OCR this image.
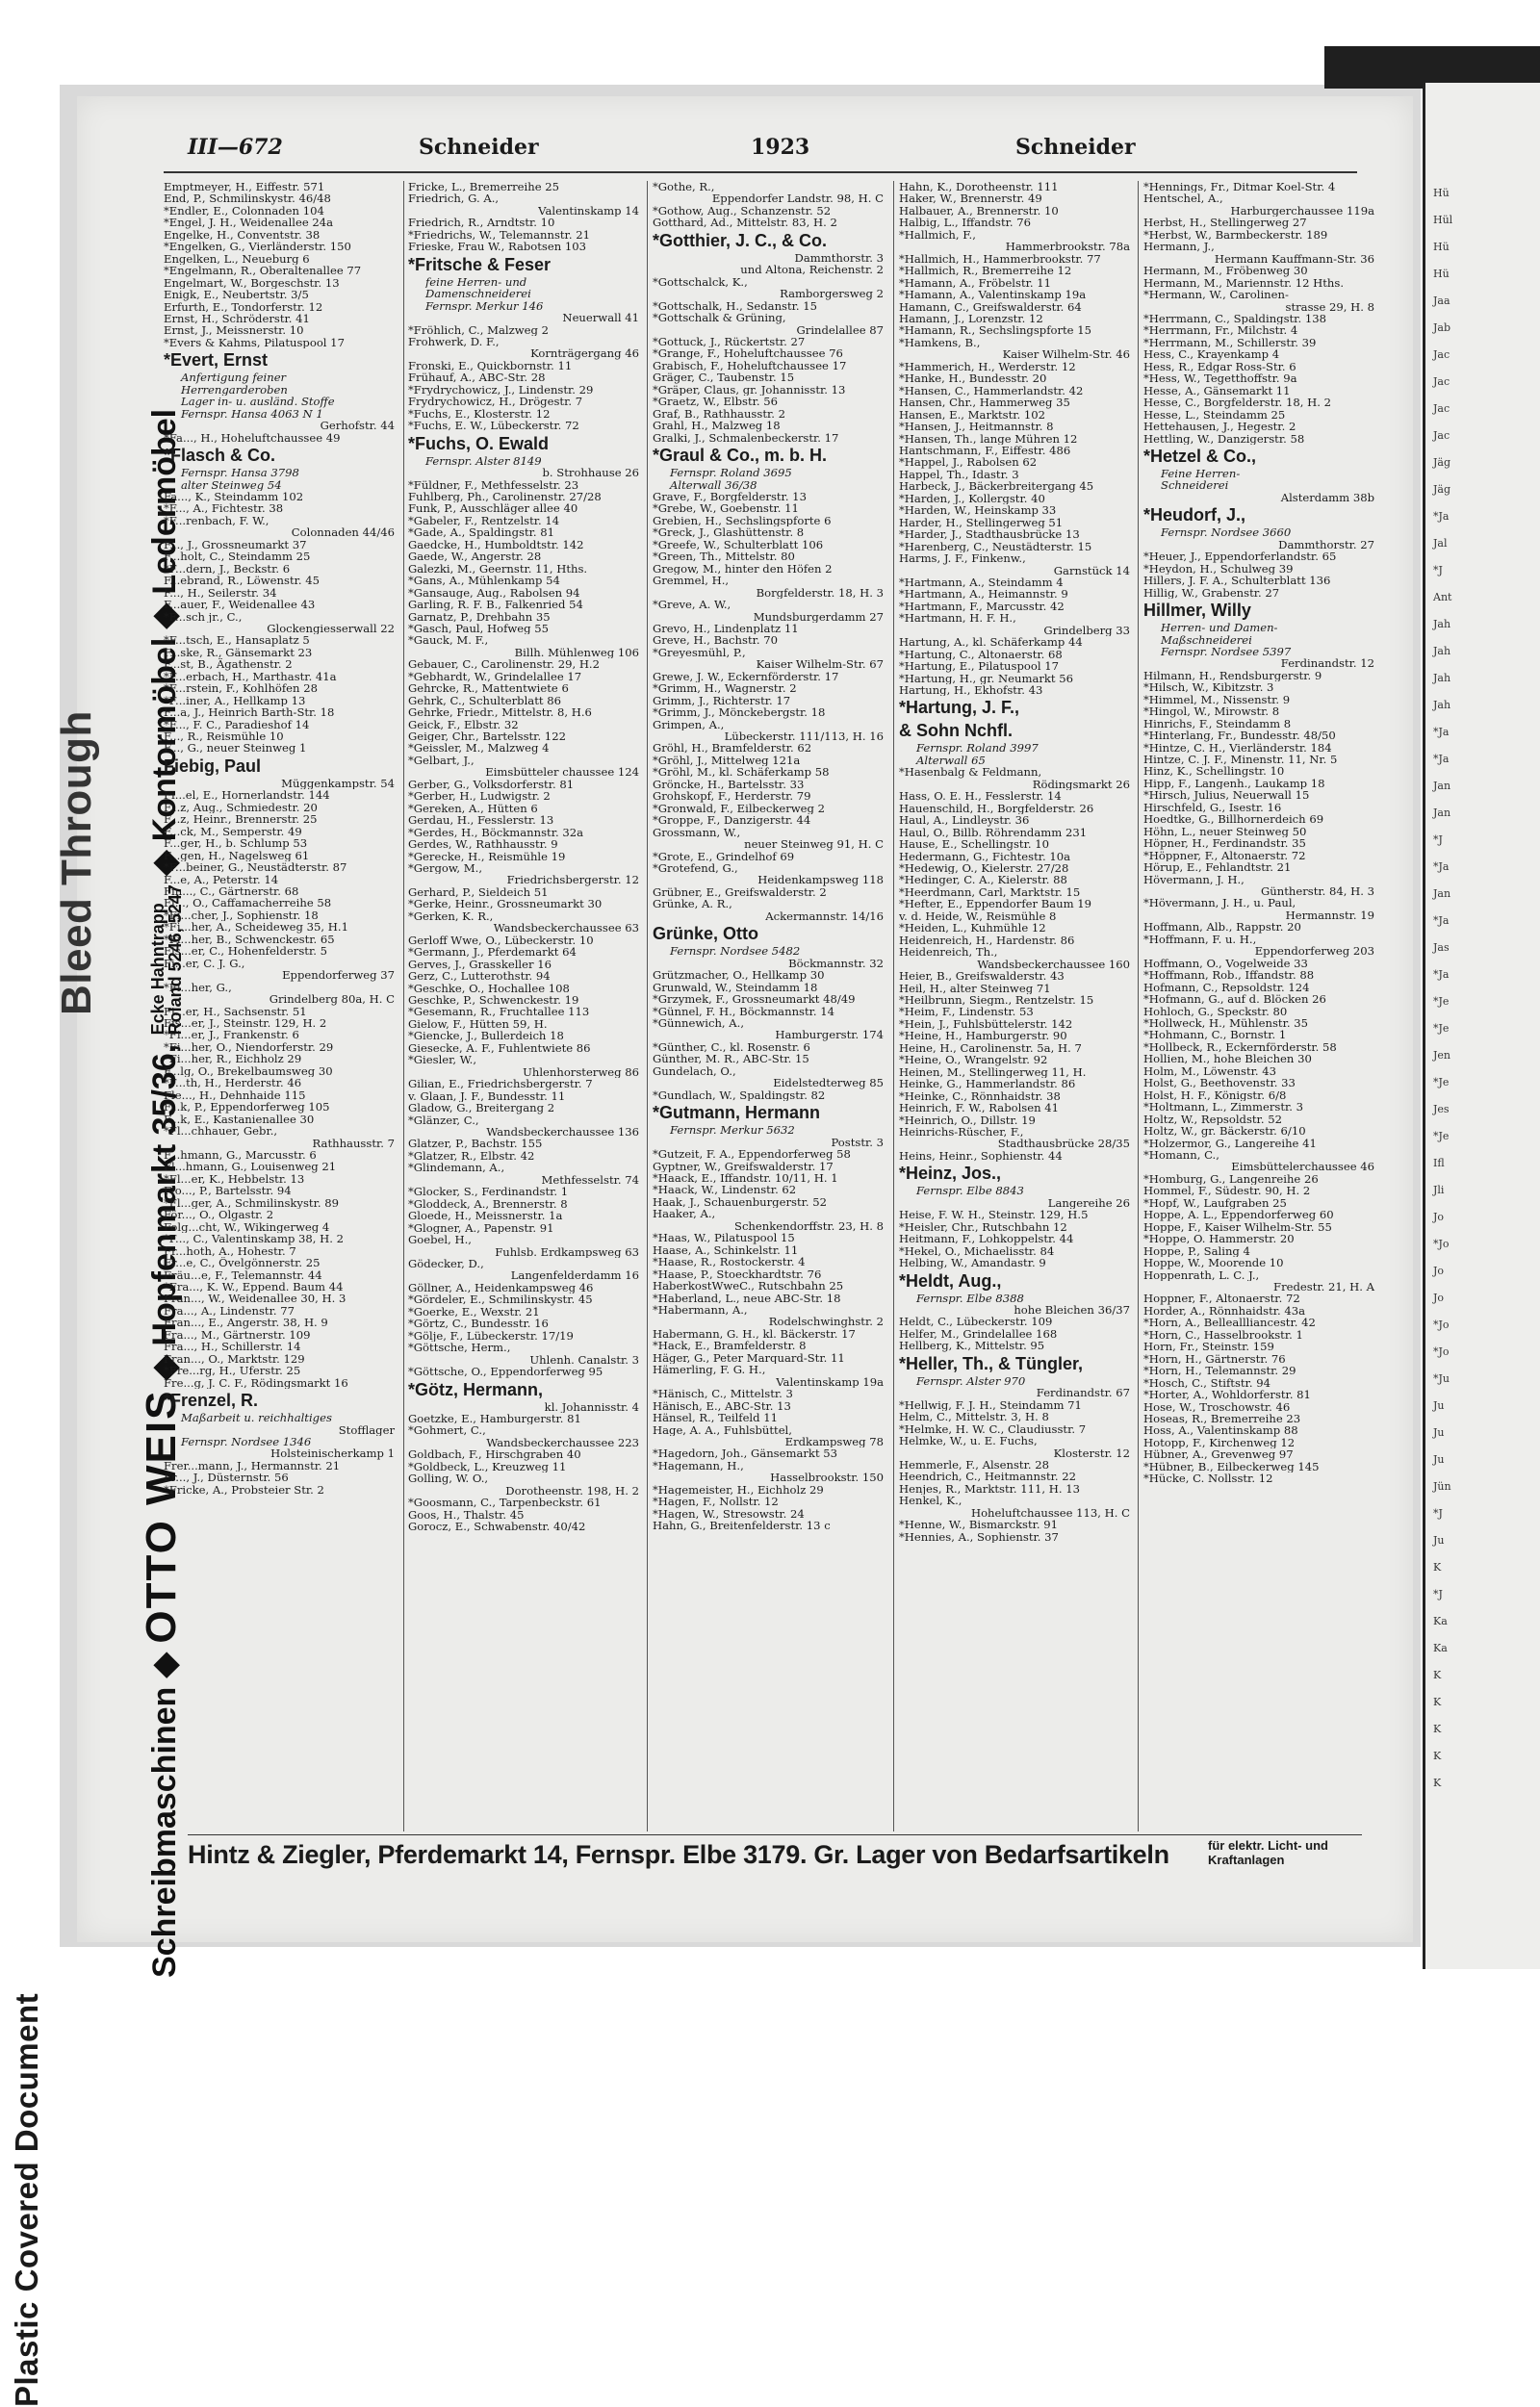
Hü
Hül
Hü
Hü
Jaa
Jab
Jac
Jac
Jac
Jac
Jäg
Jäg
*Ja
Jal
*J
Ant
Jah
Jah
Jah
Jah
*Ja
*Ja
Jan
Jan
*J
*Ja
Jan
*Ja
Jas
*Ja
*Je
*Je
Jen
*Je
Jes
*Je
Ifl
Jli
Jo
*Jo
Jo
Jo
*Jo
*Jo
*Ju
Ju
Ju
Ju
Jün
*J
Ju
K
*J
Ka
Ka
K
K
K
K
K
Plastic Covered Document
Bleed Through
Schreibmaschinen ◆ OTTO WEIS ◆ Hopfenmarkt 35/36, Ecke Hahntrapp
Roland 5246, 5247 ◆ Kontormöbel ◆ Ledermöbel
III—672	Schneider	1923	Schneider
Emptmeyer, H., Eiffestr. 571
End, P., Schmilinskystr. 46/48
*Endler, E., Colonnaden 104
*Engel, J. H., Weidenallee 24a
Engelke, H., Conventstr. 38
*Engelken, G., Vierländerstr. 150
Engelken, L., Neueburg 6
*Engelmann, R., Oberaltenallee 77
Engelmart, W., Borgeschstr. 13
Enigk, E., Neubertstr. 3/5
Erfurth, E., Tondorferstr. 12
Ernst, H., Schröderstr. 41
Ernst, J., Meissnerstr. 10
*Evers & Kahms, Pilatuspool 17
*Evert, Ernst
Anfertigung feiner
Herrengarderoben
Lager in- u. ausländ. Stoffe
Fernspr. Hansa 4063 N 1
Gerhofstr. 44
*Fa..., H., Hoheluftchaussee 49
*Flasch & Co.
Fernspr. Hansa 3798
alter Steinweg 54
Fa..., K., Steindamm 102
*F..., A., Fichtestr. 38
*F...renbach, F. W.,
Colonnaden 44/46
F..., J., Grossneumarkt 37
F...holt, C., Steindamm 25
*F...dern, J., Beckstr. 6
F...ebrand, R., Löwenstr. 45
F..., H., Seilerstr. 34
F...auer, F., Weidenallee 43
*F...sch jr., C.,
Glockengiesserwall 22
*F...tsch, E., Hansaplatz 5
F...ske, R., Gänsemarkt 23
F...st, B., Ägathenstr. 2
*F...erbach, H., Marthastr. 41a
*F...rstein, F., Kohlhöfen 28
*F...iner, A., Hellkamp 13
F...a, J., Heinrich Barth-Str. 18
*F..., F. C., Paradieshof 14
F..., R., Reismühle 10
F..., G., neuer Steinweg 1
Fiebig, Paul
Müggenkampstr. 54
Fi...el, E., Hornerlandstr. 144
F...z, Aug., Schmiedestr. 20
F...z, Heinr., Brennerstr. 25
F...ck, M., Semperstr. 49
F...ger, H., b. Schlump 53
F...gen, H., Nagelsweg 61
*F...beiner, G., Neustädterstr. 87
F...e, A., Peterstr. 14
Fin..., C., Gärtnerstr. 68
Fi..., O., Caffamacherreihe 58
*Fi...cher, J., Sophienstr. 18
*Fi...her, A., Scheideweg 35, H.1
*Fi...her, B., Schwenckestr. 65
Fis...er, C., Hohenfelderstr. 5
Fi...er, C. J. G.,
Eppendorferweg 37
*Fi...her, G.,
Grindelberg 80a, H. C
Fi...er, H., Sachsenstr. 51
Fis...er, J., Steinstr. 129, H. 2
*Fi...er, J., Frankenstr. 6
*Fi...her, O., Niendorferstr. 29
*Fi...her, R., Eichholz 29
F...lg, O., Brekelbaumsweg 30
*F...th, H., Herderstr. 46
Fle..., H., Dehnhaide 115
F...k, P., Eppendorferweg 105
F...k, E., Kastanienallee 30
*Fl...chhauer, Gebr.,
Rathhausstr. 7
F...hmann, G., Marcusstr. 6
Fl...hmann, G., Louisenweg 21
*Fl...er, K., Hebbelstr. 13
Flo..., P., Bartelsstr. 94
*Fl...ger, A., Schmilinskystr. 89
För..., O., Olgastr. 2
Folg...cht, W., Wikingerweg 4
*F..., C., Valentinskamp 38, H. 2
Fr...hoth, A., Hohestr. 7
Fr...e, C., Övelgönnerstr. 25
Fräu...e, F., Telemannstr. 44
*Fra..., K. W., Eppend. Baum 44
Fran..., W., Weidenallee 30, H. 3
Fra..., A., Lindenstr. 77
Fran..., E., Angerstr. 38, H. 9
Fra..., M., Gärtnerstr. 109
Fra..., H., Schillerstr. 14
Fran..., O., Marktstr. 129
*Fre...rg, H., Uferstr. 25
Fre...g, J. C. F., Rödingsmarkt 16
*Frenzel, R.
Maßarbeit u. reichhaltiges
Stofflager
Fernspr. Nordsee 1346
Holsteinischerkamp 1
Frer...mann, J., Hermannstr. 21
Fr..., J., Düsternstr. 56
*Fricke, A., Probsteier Str. 2
Fricke, L., Bremerreihe 25
Friedrich, G. A.,
Valentinskamp 14
Friedrich, R., Arndtstr. 10
*Friedrichs, W., Telemannstr. 21
Frieske, Frau W., Rabotsen 103
*Fritsche & Feser
feine Herren- und
Damenschneiderei
Fernspr. Merkur 146
Neuerwall 41
*Fröhlich, C., Malzweg 2
Frohwerk, D. F.,
Kornträgergang 46
Fronski, E., Quickbornstr. 11
Frühauf, A., ABC-Str. 28
*Frydrychowicz, J., Lindenstr. 29
Frydrychowicz, H., Drögestr. 7
*Fuchs, E., Klosterstr. 12
*Fuchs, E. W., Lübeckerstr. 72
*Fuchs, O. Ewald
Fernspr. Alster 8149
b. Strohhause 26
*Füldner, F., Methfesselstr. 23
Fuhlberg, Ph., Carolinenstr. 27/28
Funk, P., Ausschläger allee 40
*Gabeler, F., Rentzelstr. 14
*Gade, A., Spaldingstr. 81
Gaedcke, H., Humboldtstr. 142
Gaede, W., Angerstr. 28
Galezki, M., Geernstr. 11, Hths.
*Gans, A., Mühlenkamp 54
*Gansauge, Aug., Rabolsen 94
Garling, R. F. B., Falkenried 54
Garnatz, P., Drehbahn 35
*Gasch, Paul, Hofweg 55
*Gauck, M. F.,
Billh. Mühlenweg 106
Gebauer, C., Carolinenstr. 29, H.2
*Gebhardt, W., Grindelallee 17
Gehrcke, R., Mattentwiete 6
Gehrk, C., Schulterblatt 86
Gehrke, Friedr., Mittelstr. 8, H.6
Geick, F., Elbstr. 32
Geiger, Chr., Bartelsstr. 122
*Geissler, M., Malzweg 4
*Gelbart, J.,
Eimsbütteler chaussee 124
Gerber, G., Volksdorferstr. 81
*Gerber, H., Ludwigstr. 2
*Gereken, A., Hütten 6
Gerdau, H., Fesslerstr. 13
*Gerdes, H., Böckmannstr. 32a
Gerdes, W., Rathhausstr. 9
*Gerecke, H., Reismühle 19
*Gergow, M.,
Friedrichsbergerstr. 12
Gerhard, P., Sieldeich 51
*Gerke, Heinr., Grossneumarkt 30
*Gerken, K. R.,
Wandsbeckerchaussee 63
Gerloff Wwe, O., Lübeckerstr. 10
*Germann, J., Pferdemarkt 64
Gerves, J., Grasskeller 16
Gerz, C., Lutterothstr. 94
*Geschke, O., Hochallee 108
Geschke, P., Schwenckestr. 19
*Gesemann, R., Fruchtallee 113
Gielow, F., Hütten 59, H.
*Giencke, J., Bullerdeich 18
Giesecke, A. F., Fuhlentwiete 86
*Giesler, W.,
Uhlenhorsterweg 86
Gilian, E., Friedrichsbergerstr. 7
v. Glaan, J. F., Bundesstr. 11
Gladow, G., Breitergang 2
*Glänzer, C.,
Wandsbeckerchaussee 136
Glatzer, P., Bachstr. 155
*Glatzer, R., Elbstr. 42
*Glindemann, A.,
Methfesselstr. 74
*Glocker, S., Ferdinandstr. 1
*Gloddeck, A., Brennerstr. 8
Gloede, H., Meissnerstr. 1a
*Glogner, A., Papenstr. 91
Goebel, H.,
Fuhlsb. Erdkampsweg 63
Gödecker, D.,
Langenfelderdamm 16
Göllner, A., Heidenkampsweg 46
*Gördeler, E., Schmilinskystr. 45
*Goerke, E., Wexstr. 21
*Görtz, C., Bundesstr. 16
*Gölje, F., Lübeckerstr. 17/19
*Göttsche, Herm.,
Uhlenh. Canalstr. 3
*Göttsche, O., Eppendorferweg 95
*Götz, Hermann,
kl. Johannisstr. 4
Goetzke, E., Hamburgerstr. 81
*Gohmert, C.,
Wandsbeckerchaussee 223
Goldbach, F., Hirschgraben 40
*Goldbeck, L., Kreuzweg 11
Golling, W. O.,
Dorotheenstr. 198, H. 2
*Goosmann, C., Tarpenbeckstr. 61
Goos, H., Thalstr. 45
Gorocz, E., Schwabenstr. 40/42
*Gothe, R.,
Eppendorfer Landstr. 98, H. C
*Gothow, Aug., Schanzenstr. 52
Gotthard, Ad., Mittelstr. 83, H. 2
*Gotthier, J. C., & Co.
Dammthorstr. 3
und Altona, Reichenstr. 2
*Gottschalck, K.,
Ramborgersweg 2
*Gottschalk, H., Sedanstr. 15
*Gottschalk & Grüning,
Grindelallee 87
*Gottuck, J., Rückertstr. 27
*Grange, F., Hoheluftchaussee 76
Grabisch, F., Hoheluftchaussee 17
Gräger, C., Taubenstr. 15
*Gräper, Claus, gr. Johannisstr. 13
*Graetz, W., Elbstr. 56
Graf, B., Rathhausstr. 2
Grahl, H., Malzweg 18
Gralki, J., Schmalenbeckerstr. 17
*Graul & Co., m. b. H.
Fernspr. Roland 3695
Alterwall 36/38
Grave, F., Borgfelderstr. 13
*Grebe, W., Goebenstr. 11
Grebien, H., Sechslingspforte 6
*Greck, J., Glashüttenstr. 8
*Greefe, W., Schulterblatt 106
*Green, Th., Mittelstr. 80
Gregow, M., hinter den Höfen 2
Gremmel, H.,
Borgfelderstr. 18, H. 3
*Greve, A. W.,
Mundsburgerdamm 27
Grevo, H., Lindenplatz 11
Greve, H., Bachstr. 70
*Greyesmühl, P.,
Kaiser Wilhelm-Str. 67
Grewe, J. W., Eckernförderstr. 17
*Grimm, H., Wagnerstr. 2
Grimm, J., Richterstr. 17
*Grimm, J., Mönckebergstr. 18
Grimpen, A.,
Lübeckerstr. 111/113, H. 16
Gröhl, H., Bramfelderstr. 62
*Gröhl, J., Mittelweg 121a
*Gröhl, M., kl. Schäferkamp 58
Gröncke, H., Bartelsstr. 33
Grohskopf, F., Herderstr. 79
*Gronwald, F., Eilbeckerweg 2
*Groppe, F., Danzigerstr. 44
Grossmann, W.,
neuer Steinweg 91, H. C
*Grote, E., Grindelhof 69
*Grotefend, G.,
Heidenkampsweg 118
Grübner, E., Greifswalderstr. 2
Grünke, A. R.,
Ackermannstr. 14/16
Grünke, Otto
Fernspr. Nordsee 5482
Böckmannstr. 32
Grützmacher, O., Hellkamp 30
Grunwald, W., Steindamm 18
*Grzymek, F., Grossneumarkt 48/49
*Günnel, F. H., Böckmannstr. 14
*Günnewich, A.,
Hamburgerstr. 174
*Günther, C., kl. Rosenstr. 6
Günther, M. R., ABC-Str. 15
Gundelach, O.,
Eidelstedterweg 85
*Gundlach, W., Spaldingstr. 82
*Gutmann, Hermann
Fernspr. Merkur 5632
Poststr. 3
*Gutzeit, F. A., Eppendorferweg 58
Gyptner, W., Greifswalderstr. 17
*Haack, E., Iffandstr. 10/11, H. 1
*Haack, W., Lindenstr. 62
Haak, J., Schauenburgerstr. 52
Haaker, A.,
Schenkendorffstr. 23, H. 8
*Haas, W., Pilatuspool 15
Haase, A., Schinkelstr. 11
*Haase, R., Rostockerstr. 4
*Haase, P., Stoeckhardtstr. 76
HaberkostWweC., Rutschbahn 25
*Haberland, L., neue ABC-Str. 18
*Habermann, A.,
Rodelschwinghstr. 2
Habermann, G. H., kl. Bäckerstr. 17
*Hack, E., Bramfelderstr. 8
Häger, G., Peter Marquard-Str. 11
Hämerling, F. G. H.,
Valentinskamp 19a
*Hänisch, C., Mittelstr. 3
Hänisch, E., ABC-Str. 13
Hänsel, R., Teilfeld 11
Hage, A. A., Fuhlsbüttel,
Erdkampsweg 78
*Hagedorn, Joh., Gänsemarkt 53
*Hagemann, H.,
Hasselbrookstr. 150
*Hagemeister, H., Eichholz 29
*Hagen, F., Nollstr. 12
*Hagen, W., Stresowstr. 24
Hahn, G., Breitenfelderstr. 13 c
Hahn, K., Dorotheenstr. 111
Haker, W., Brennerstr. 49
Halbauer, A., Brennerstr. 10
Halbig, L., Iffandstr. 76
*Hallmich, F.,
Hammerbrookstr. 78a
*Hallmich, H., Hammerbrookstr. 77
*Hallmich, R., Bremerreihe 12
*Hamann, A., Fröbelstr. 11
*Hamann, A., Valentinskamp 19a
Hamann, C., Greifswalderstr. 64
Hamann, J., Lorenzstr. 12
*Hamann, R., Sechslingspforte 15
*Hamkens, B.,
Kaiser Wilhelm-Str. 46
*Hammerich, H., Werderstr. 12
*Hanke, H., Bundesstr. 20
*Hansen, C., Hammerlandstr. 42
Hansen, Chr., Hammerweg 35
Hansen, E., Marktstr. 102
*Hansen, J., Heitmannstr. 8
*Hansen, Th., lange Mühren 12
Hantschmann, F., Eiffestr. 486
*Happel, J., Rabolsen 62
Happel, Th., Idastr. 3
Harbeck, J., Bäckerbreitergang 45
*Harden, J., Kollergstr. 40
*Harden, W., Heinskamp 33
Harder, H., Stellingerweg 51
*Harder, J., Stadthausbrücke 13
*Harenberg, C., Neustädterstr. 15
Harms, J. F., Finkenw.,
Garnstück 14
*Hartmann, A., Steindamm 4
*Hartmann, A., Heimannstr. 9
*Hartmann, F., Marcusstr. 42
*Hartmann, H. F. H.,
Grindelberg 33
Hartung, A., kl. Schäferkamp 44
*Hartung, C., Altonaerstr. 68
*Hartung, E., Pilatuspool 17
*Hartung, H., gr. Neumarkt 56
Hartung, H., Ekhofstr. 43
*Hartung, J. F.,
& Sohn Nchfl.
Fernspr. Roland 3997
Alterwall 65
*Hasenbalg & Feldmann,
Rödingsmarkt 26
Hass, O. E. H., Fesslerstr. 14
Hauenschild, H., Borgfelderstr. 26
Haul, A., Lindleystr. 36
Haul, O., Billb. Röhrendamm 231
Hause, E., Schellingstr. 10
Hedermann, G., Fichtestr. 10a
*Hedewig, O., Kielerstr. 27/28
*Hedinger, C. A., Kielerstr. 88
*Heerdmann, Carl, Marktstr. 15
*Hefter, E., Eppendorfer Baum 19
v. d. Heide, W., Reismühle 8
*Heiden, L., Kuhmühle 12
Heidenreich, H., Hardenstr. 86
Heidenreich, Th.,
Wandsbeckerchaussee 160
Heier, B., Greifswalderstr. 43
Heil, H., alter Steinweg 71
*Heilbrunn, Siegm., Rentzelstr. 15
*Heim, F., Lindenstr. 53
*Hein, J., Fuhlsbüttelerstr. 142
*Heine, H., Hamburgerstr. 90
Heine, H., Carolinenstr. 5a, H. 7
*Heine, O., Wrangelstr. 92
Heinen, M., Stellingerweg 11, H.
Heinke, G., Hammerlandstr. 86
*Heinke, C., Rönnhaidstr. 38
Heinrich, F. W., Rabolsen 41
*Heinrich, O., Dillstr. 19
Heinrichs-Rüscher, F.,
Stadthausbrücke 28/35
Heins, Heinr., Sophienstr. 44
*Heinz, Jos.,
Fernspr. Elbe 8843
Langereihe 26
Heise, F. W. H., Steinstr. 129, H.5
*Heisler, Chr., Rutschbahn 12
Heitmann, F., Lohkoppelstr. 44
*Hekel, O., Michaelisstr. 84
Helbing, W., Amandastr. 9
*Heldt, Aug.,
Fernspr. Elbe 8388
hohe Bleichen 36/37
Heldt, C., Lübeckerstr. 109
Helfer, M., Grindelallee 168
Hellberg, K., Mittelstr. 95
*Heller, Th., & Tüngler,
Fernspr. Alster 970
Ferdinandstr. 67
*Hellwig, F. J. H., Steindamm 71
Helm, C., Mittelstr. 3, H. 8
*Helmke, H. W. C., Claudiusstr. 7
Helmke, W., u. E. Fuchs,
Klosterstr. 12
Hemmerle, F., Alsenstr. 28
Heendrich, C., Heitmannstr. 22
Henjes, R., Marktstr. 111, H. 13
Henkel, K.,
Hoheluftchaussee 113, H. C
*Henne, W., Bismarckstr. 91
*Hennies, A., Sophienstr. 37
*Hennings, Fr., Ditmar Koel-Str. 4
Hentschel, A.,
Harburgerchaussee 119a
Herbst, H., Stellingerweg 27
*Herbst, W., Barmbeckerstr. 189
Hermann, J.,
Hermann Kauffmann-Str. 36
Hermann, M., Fröbenweg 30
Hermann, M., Mariennstr. 12 Hths.
*Hermann, W., Carolinen-
strasse 29, H. 8
*Herrmann, C., Spaldingstr. 138
*Herrmann, Fr., Milchstr. 4
*Herrmann, M., Schillerstr. 39
Hess, C., Krayenkamp 4
Hess, R., Edgar Ross-Str. 6
*Hess, W., Tegetthoffstr. 9a
Hesse, A., Gänsemarkt 11
Hesse, C., Borgfelderstr. 18, H. 2
Hesse, L., Steindamm 25
Hettehausen, J., Hegestr. 2
Hettling, W., Danzigerstr. 58
*Hetzel & Co.,
Feine Herren-
Schneiderei
Alsterdamm 38b
*Heudorf, J.,
Fernspr. Nordsee 3660
Dammthorstr. 27
*Heuer, J., Eppendorferlandstr. 65
*Heydon, H., Schulweg 39
Hillers, J. F. A., Schulterblatt 136
Hillig, W., Grabenstr. 27
Hillmer, Willy
Herren- und Damen-
Maßschneiderei
Fernspr. Nordsee 5397
Ferdinandstr. 12
Hilmann, H., Rendsburgerstr. 9
*Hilsch, W., Kibitzstr. 3
*Himmel, M., Nissenstr. 9
*Hingol, W., Mirowstr. 8
Hinrichs, F., Steindamm 8
*Hinterlang, Fr., Bundesstr. 48/50
*Hintze, C. H., Vierländerstr. 184
Hintze, C. J. F., Minenstr. 11, Nr. 5
Hinz, K., Schellingstr. 10
Hipp, F., Langenh., Laukamp 18
*Hirsch, Julius, Neuerwall 15
Hirschfeld, G., Isestr. 16
Hoedtke, G., Billhornerdeich 69
Höhn, L., neuer Steinweg 50
Höpner, H., Ferdinandstr. 35
*Höppner, F., Altonaerstr. 72
Hörup, E., Fehlandtstr. 21
Hövermann, J. H.,
Güntherstr. 84, H. 3
*Hövermann, J. H., u. Paul,
Hermannstr. 19
Hoffmann, Alb., Rappstr. 20
*Hoffmann, F. u. H.,
Eppendorferweg 203
Hoffmann, O., Vogelweide 33
*Hoffmann, Rob., Iffandstr. 88
Hofmann, C., Repsoldstr. 124
*Hofmann, G., auf d. Blöcken 26
Hohloch, G., Speckstr. 80
*Hollweck, H., Mühlenstr. 35
*Hohmann, C., Bornstr. 1
*Hollbeck, R., Eckernförderstr. 58
Hollien, M., hohe Bleichen 30
Holm, M., Löwenstr. 43
Holst, G., Beethovenstr. 33
Holst, H. F., Königstr. 6/8
*Holtmann, L., Zimmerstr. 3
Holtz, W., Repsoldstr. 52
Holtz, W., gr. Bäckerstr. 6/10
*Holzermor, G., Langereihe 41
*Homann, C.,
Eimsbüttelerchaussee 46
*Homburg, G., Langenreihe 26
Hommel, F., Südestr. 90, H. 2
*Hopf, W., Laufgraben 25
Hoppe, A. L., Eppendorferweg 60
Hoppe, F., Kaiser Wilhelm-Str. 55
*Hoppe, O. Hammerstr. 20
Hoppe, P., Saling 4
Hoppe, W., Moorende 10
Hoppenrath, L. C. J.,
Fredestr. 21, H. A
Hoppner, F., Altonaerstr. 72
Horder, A., Rönnhaidstr. 43a
*Horn, A., Belleallliancestr. 42
*Horn, C., Hasselbrookstr. 1
Horn, Fr., Steinstr. 159
*Horn, H., Gärtnerstr. 76
*Horn, H., Telemannstr. 29
*Hosch, C., Stiftstr. 94
*Horter, A., Wohldorferstr. 81
Hose, W., Troschowstr. 46
Hoseas, R., Bremerreihe 23
Hoss, A., Valentinskamp 88
Hotopp, F., Kirchenweg 12
Hübner, A., Grevenweg 97
*Hübner, B., Eilbeckerweg 145
*Hücke, C. Nollsstr. 12
Hintz & Ziegler, Pferdemarkt 14, Fernspr. Elbe 3179. Gr. Lager von Bedarfsartikeln	für elektr. Licht- und
Kraftanlagen
